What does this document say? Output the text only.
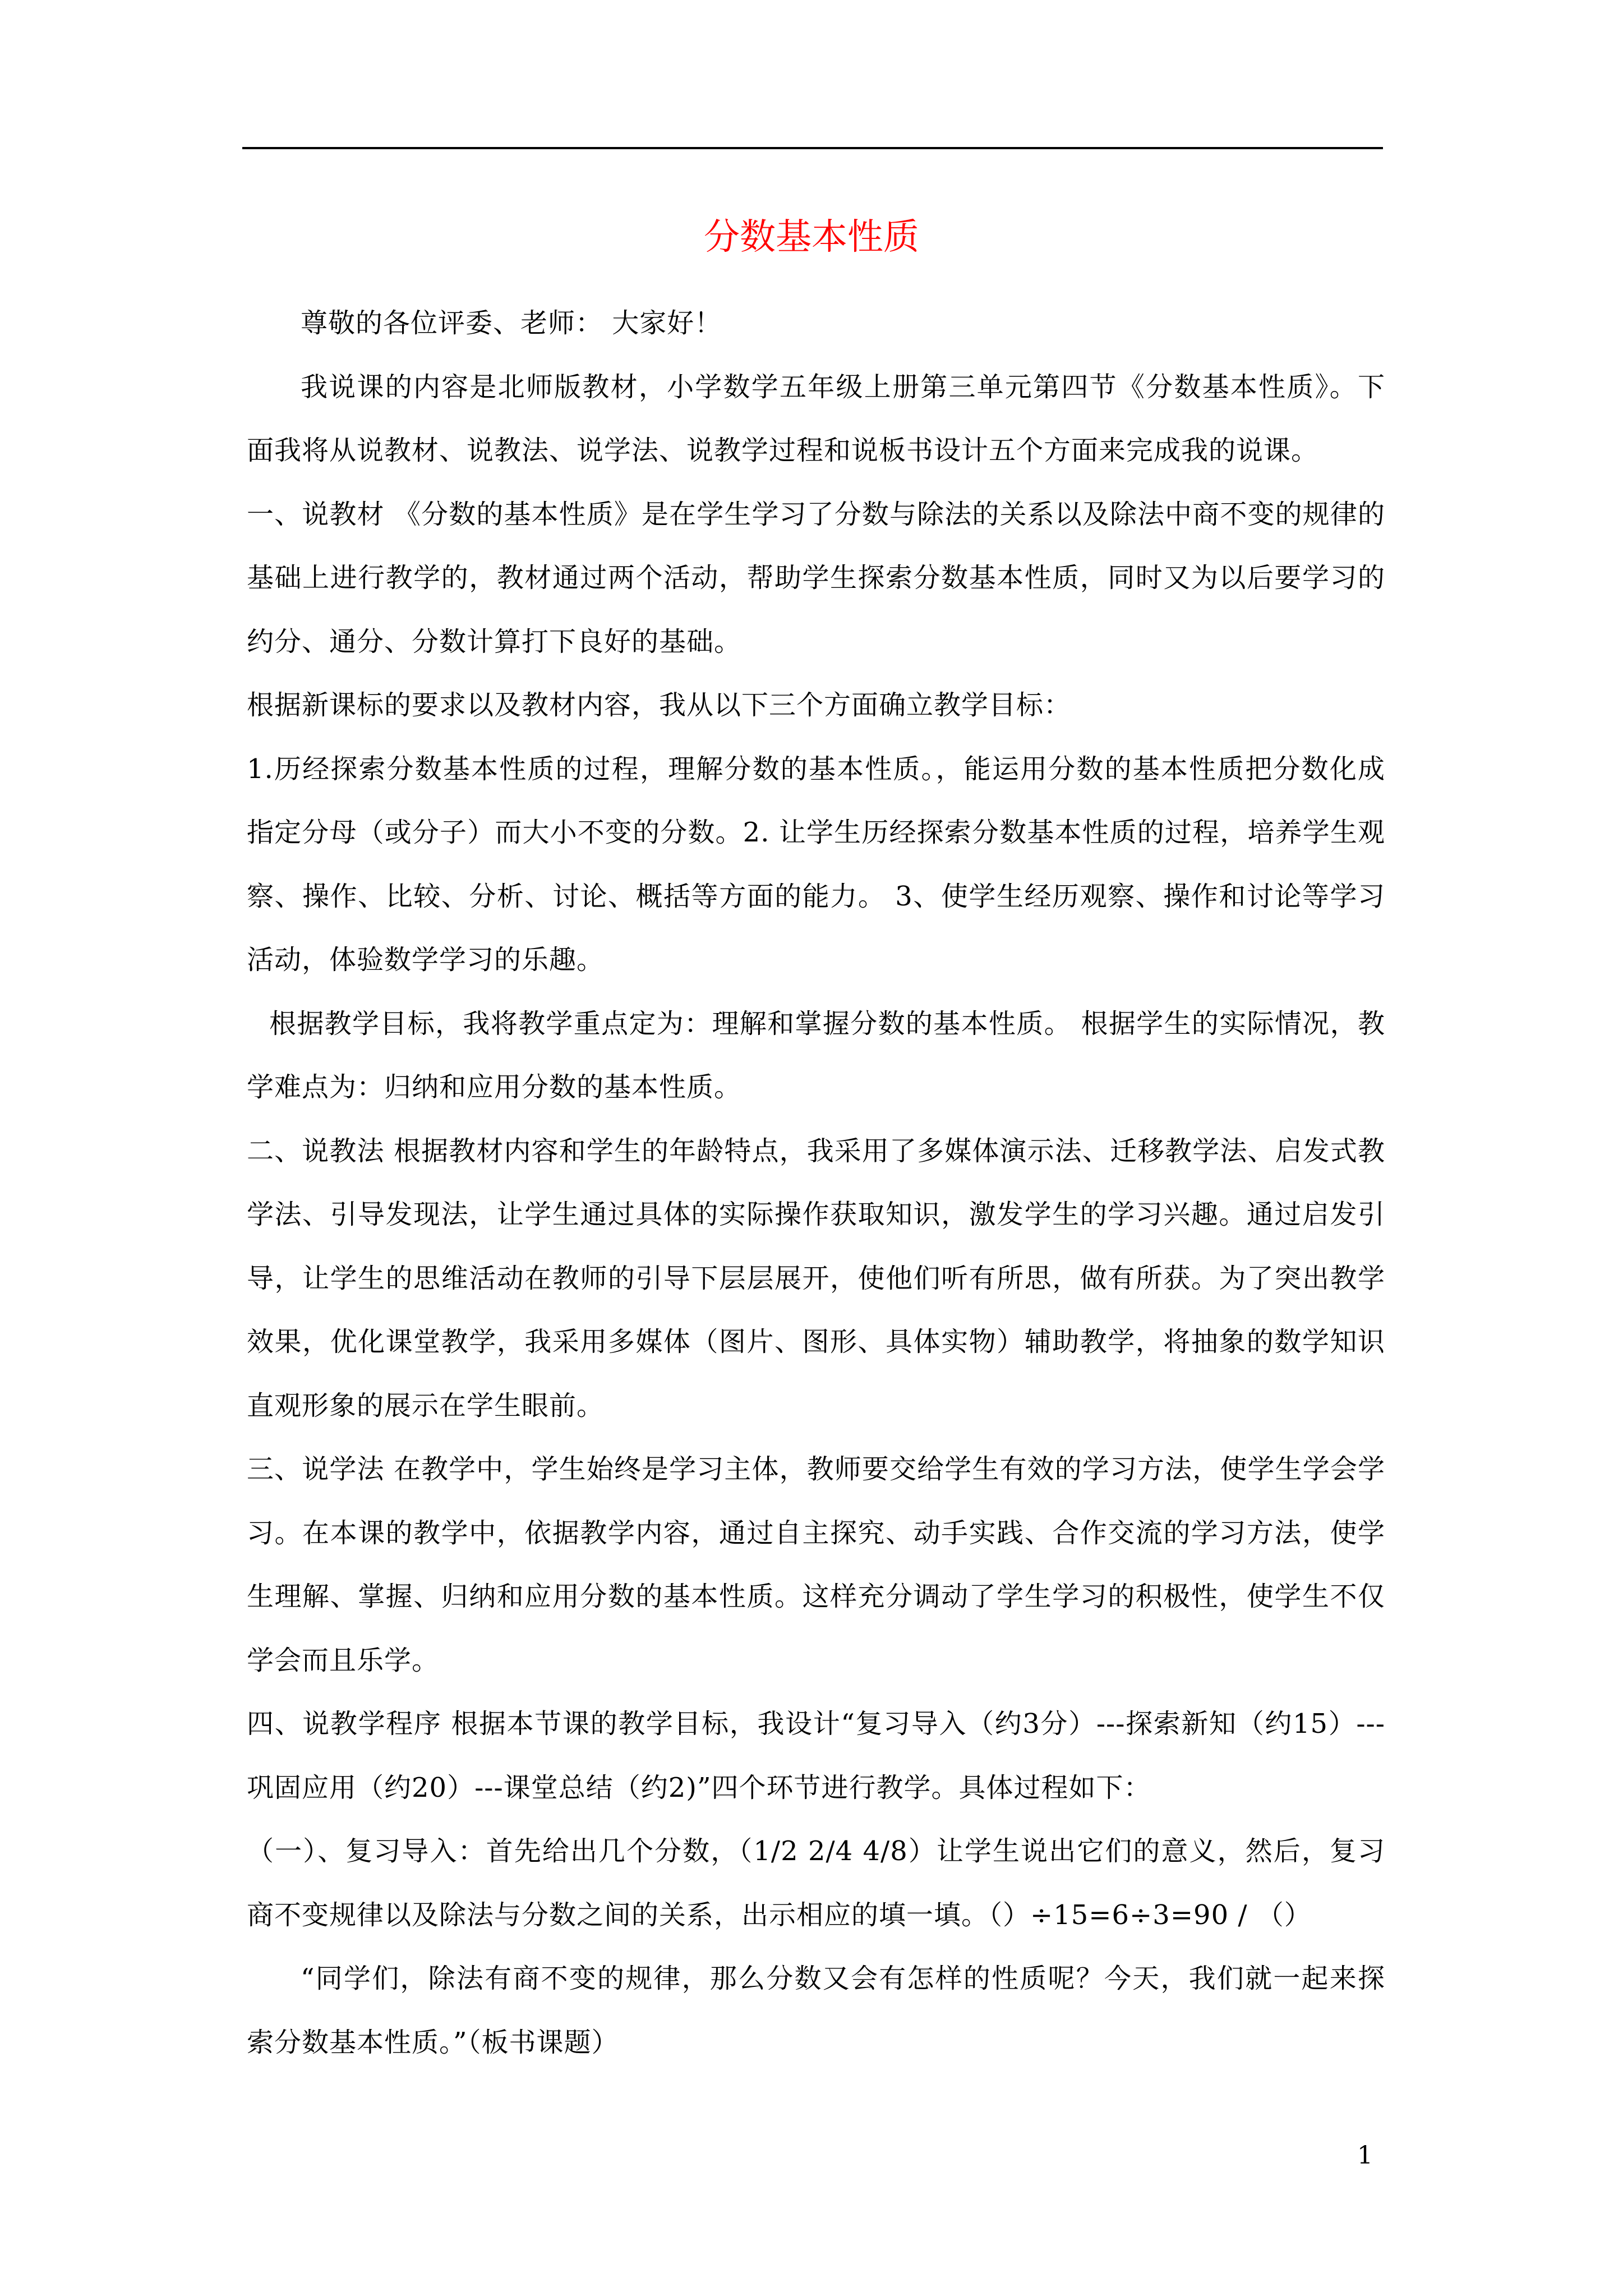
分数基本性质

尊敬的各位评委、老师： 大家好！

我说课的内容是北师版教材，小学数学五年级上册第三单元第四节《分数基本性质》。下面我将从说教材、说教法、说学法、说教学过程和说板书设计五个方面来完成我的说课。

一、说教材 《分数的基本性质》是在学生学习了分数与除法的关系以及除法中商不变的规律的基础上进行教学的，教材通过两个活动，帮助学生探索分数基本性质，同时又为以后要学习的约分、通分、分数计算打下良好的基础。

根据新课标的要求以及教材内容，我从以下三个方面确立教学目标：

1.历经探索分数基本性质的过程，理解分数的基本性质。，能运用分数的基本性质把分数化成指定分母（或分子）而大小不变的分数。2. 让学生历经探索分数基本性质的过程，培养学生观察、操作、比较、分析、讨论、概括等方面的能力。 3、使学生经历观察、操作和讨论等学习活动，体验数学学习的乐趣。

根据教学目标，我将教学重点定为：理解和掌握分数的基本性质。 根据学生的实际情况，教学难点为：归纳和应用分数的基本性质。

二、说教法 根据教材内容和学生的年龄特点，我采用了多媒体演示法、迁移教学法、启发式教学法、引导发现法，让学生通过具体的实际操作获取知识，激发学生的学习兴趣。通过启发引导，让学生的思维活动在教师的引导下层层展开，使他们听有所思，做有所获。为了突出教学效果，优化课堂教学，我采用多媒体（图片、图形、具体实物）辅助教学，将抽象的数学知识直观形象的展示在学生眼前。

三、说学法 在教学中，学生始终是学习主体，教师要交给学生有效的学习方法，使学生学会学习。在本课的教学中，依据教学内容，通过自主探究、动手实践、合作交流的学习方法，使学生理解、掌握、归纳和应用分数的基本性质。这样充分调动了学生学习的积极性，使学生不仅学会而且乐学。

四、说教学程序 根据本节课的教学目标，我设计“复习导入（约3分）---探索新知（约15）---巩固应用（约20）---课堂总结（约2)”四个环节进行教学。具体过程如下：

（一）、复习导入：首先给出几个分数，（1/2 2/4 4/8）让学生说出它们的意义，然后，复习商不变规律以及除法与分数之间的关系，出示相应的填一填。（）÷15=6÷3=90 / （）

“同学们，除法有商不变的规律，那么分数又会有怎样的性质呢？今天，我们就一起来探索分数基本性质。”（板书课题）

1
